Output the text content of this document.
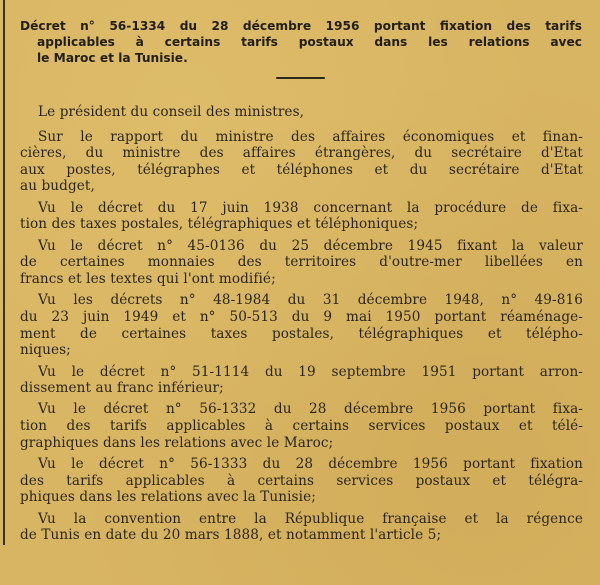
Décret n° 56-1334 du 28 décembre 1956 portant fixation des tarifs
applicables à certains tarifs postaux dans les relations avec
le Maroc et la Tunisie.

Le président du conseil des ministres,

Sur le rapport du ministre des affaires économiques et finan-
cières, du ministre des affaires étrangères, du secrétaire d'Etat
aux postes, télégraphes et téléphones et du secrétaire d'Etat
au budget,

Vu le décret du 17 juin 1938 concernant la procédure de fixa-
tion des taxes postales, télégraphiques et téléphoniques;

Vu le décret n° 45-0136 du 25 décembre 1945 fixant la valeur
de certaines monnaies des territoires d'outre-mer libellées en
francs et les textes qui l'ont modifié;

Vu les décrets n° 48-1984 du 31 décembre 1948, n° 49-816
du 23 juin 1949 et n° 50-513 du 9 mai 1950 portant réaménage-
ment de certaines taxes postales, télégraphiques et télépho-
niques;

Vu le décret n° 51-1114 du 19 septembre 1951 portant arron-
dissement au franc inférieur;

Vu le décret n° 56-1332 du 28 décembre 1956 portant fixa-
tion des tarifs applicables à certains services postaux et télé-
graphiques dans les relations avec le Maroc;

Vu le décret n° 56-1333 du 28 décembre 1956 portant fixation
des tarifs applicables à certains services postaux et télégra-
phiques dans les relations avec la Tunisie;

Vu la convention entre la République française et la régence
de Tunis en date du 20 mars 1888, et notamment l'article 5;
